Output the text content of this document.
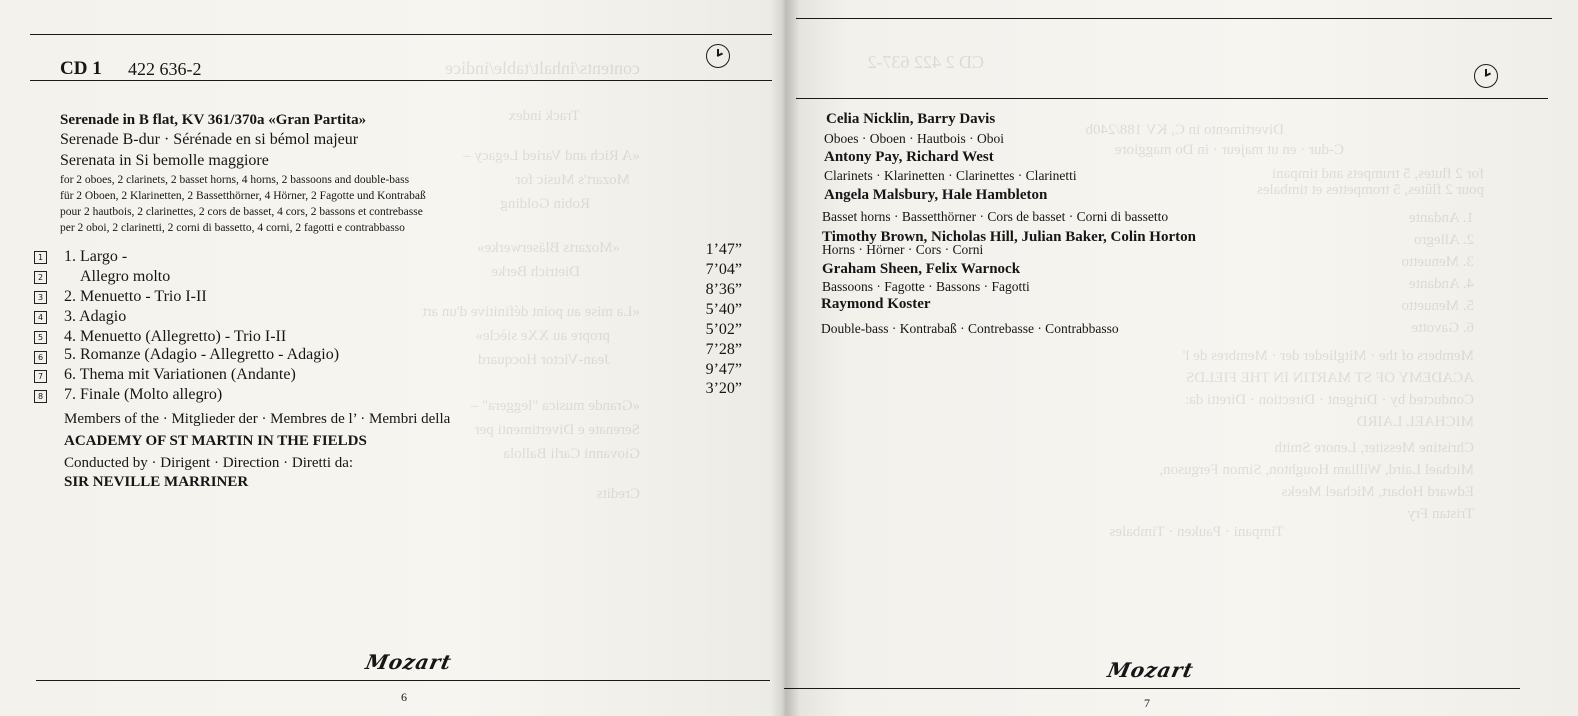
contents/inhalt/table/indice
Track index
«A Rich and Varied Legacy –
Mozart's Music for
Robin Golding
«Mozarts Bläserwerke»
Dietrich Berke
«La mise au point définitive d'un art
propre au XXe siècle»
Jean-Victor Hocquard
«Grande musica "leggera" –
Serenate e Divertimenti per
Giovanni Carli Ballola
Credits
CD 1 422 636-2
Serenade in B flat, KV 361/370a «Gran Partita»
Serenade B-dur · Sérénade en si bémol majeur
Serenata in Si bemolle maggiore
for 2 oboes, 2 clarinets, 2 basset horns, 4 horns, 2 bassoons and double-bass
für 2 Oboen, 2 Klarinetten, 2 Bassetthörner, 4 Hörner, 2 Fagotte und Kontrabaß
pour 2 hautbois, 2 clarinettes, 2 cors de basset, 4 cors, 2 bassons et contrebasse
per 2 oboi, 2 clarinetti, 2 corni di bassetto, 4 corni, 2 fagotti e contrabbasso
1 1. Largo -	1’47”
2 Allegro molto	7’04”
3 2. Menuetto - Trio I-II	8’36”
4 3. Adagio	5’40”
5 4. Menuetto (Allegretto) - Trio I-II	5’02”
6 5. Romanze (Adagio - Allegretto - Adagio)	7’28”
7 6. Thema mit Variationen (Andante)	9’47”
8 7. Finale (Molto allegro)	3’20”
Members of the · Mitglieder der · Membres de l’ · Membri della
ACADEMY OF ST MARTIN IN THE FIELDS
Conducted by · Dirigent · Direction · Diretti da:
SIR NEVILLE MARRINER
Mozart
6
CD 2 422 637-2
Divertimento in C, KV 188/240b
C-dur · en ut majeur · in Do maggiore
for 2 flutes, 5 trumpets and timpani
pour 2 flûtes, 5 trompettes et timbales
1. Andante
2. Allegro
3. Menuetto
4. Andante
5. Menuetto
6. Gavotte
Members of the · Mitglieder der · Membres de l'
ACADEMY OF ST MARTIN IN THE FIELDS
Conducted by · Dirigent · Direction · Diretti da:
MICHAEL LAIRD
Christine Messiter, Lenore Smith
Michael Laird, William Houghton, Simon Ferguson,
Edward Hobart, Michael Meeks
Tristan Fry
Timpani · Pauken · Timbales
Celia Nicklin, Barry Davis
Oboes · Oboen · Hautbois · Oboi
Antony Pay, Richard West
Clarinets · Klarinetten · Clarinettes · Clarinetti
Angela Malsbury, Hale Hambleton
Basset horns · Bassetthörner · Cors de basset · Corni di bassetto
Timothy Brown, Nicholas Hill, Julian Baker, Colin Horton
Horns · Hörner · Cors · Corni
Graham Sheen, Felix Warnock
Bassoons · Fagotte · Bassons · Fagotti
Raymond Koster
Double-bass · Kontrabaß · Contrebasse · Contrabbasso
Mozart
7
